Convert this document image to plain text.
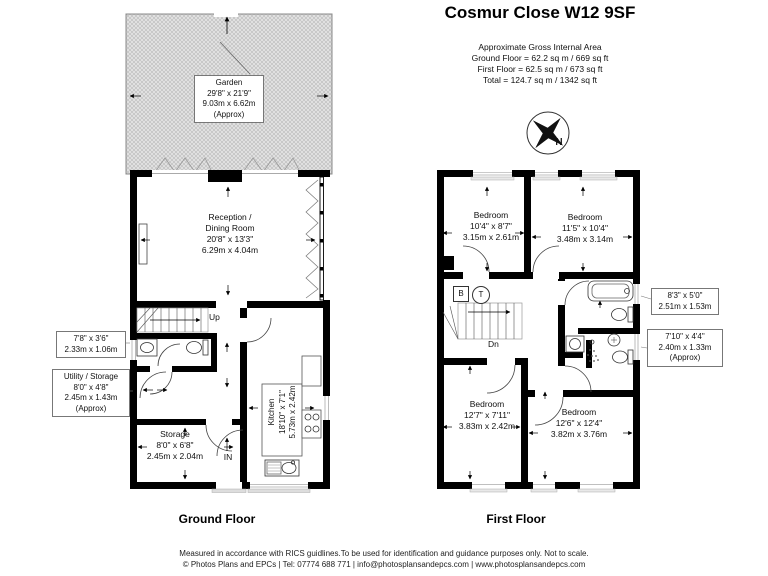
Cosmur Close W12 9SF
Approximate Gross Internal Area
Ground Floor = 62.2 sq m / 669 sq ft
First Floor = 62.5 sq m / 673 sq ft
Total = 124.7 sq m / 1342 sq ft
N
Garden
29'8" x 21'9"
9.03m x 6.62m
(Approx)
Reception /
Dining Room
20'8" x 13'3"
6.29m x 4.04m
Up
7'8" x 3'6"
2.33m x 1.06m
Utility / Storage
8'0" x 4'8"
2.45m x 1.43m
(Approx)
Storage
8'0" x 6'8"
2.45m x 2.04m
Kitchen 18'10" x 7'1" 5.73m x 2.42m
IN
Ground Floor
Bedroom
10'4" x 8'7"
3.15m x 2.61m
Bedroom
11'5" x 10'4"
3.48m x 3.14m
B	T
Dn
8'3" x 5'0"
2.51m x 1.53m
7'10" x 4'4"
2.40m x 1.33m
(Approx)
Bedroom
12'7" x 7'11"
3.83m x 2.42m
Bedroom
12'6" x 12'4"
3.82m x 3.76m
First Floor
Measured in accordance with RICS guidlines.To be used for identification and guidance purposes only. Not to scale.
© Photos Plans and EPCs | Tel: 07774 688 771 | info@photosplansandepcs.com | www.photosplansandepcs.com
